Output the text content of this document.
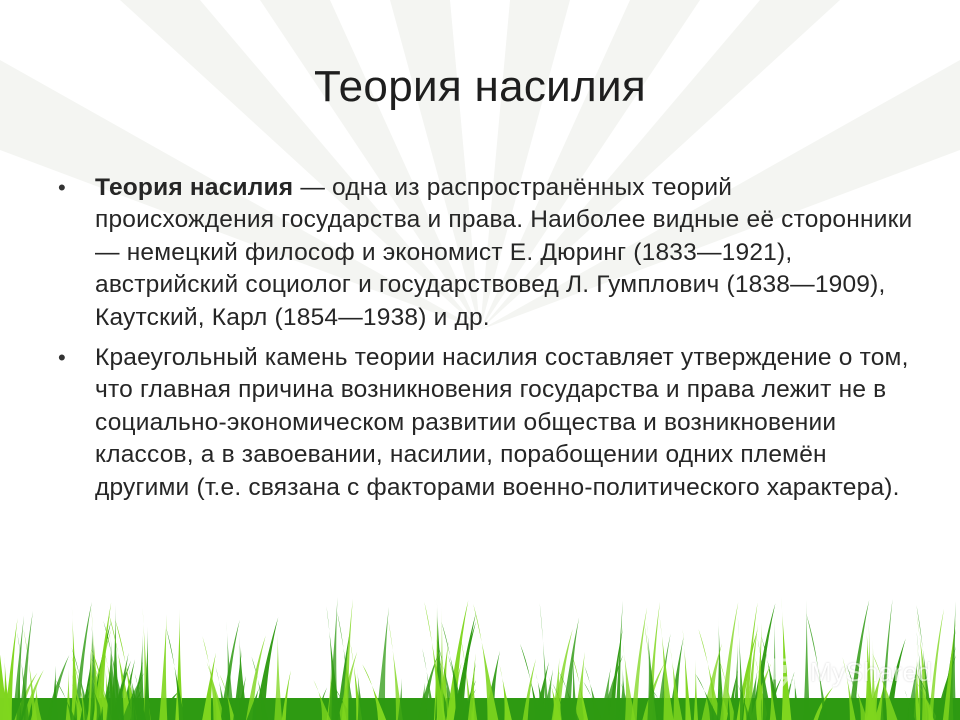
Теория насилия
•	Теория насилия — одна из распространённых теорий происхождения государства и права. Наиболее видные её сторонники — немецкий философ и экономист Е. Дюринг (1833—1921), австрийский социолог и государствовед Л. Гумплович (1838—1909), Каутский, Карл (1854—1938) и др.
•	Краеугольный камень теории насилия составляет утверждение о том, что главная причина возникновения государства и права лежит не в социально-экономическом развитии общества и возникновении классов, а в завоевании, насилии, порабощении одних племён другими (т.е. связана с факторами военно-политического характера).
MyShared
